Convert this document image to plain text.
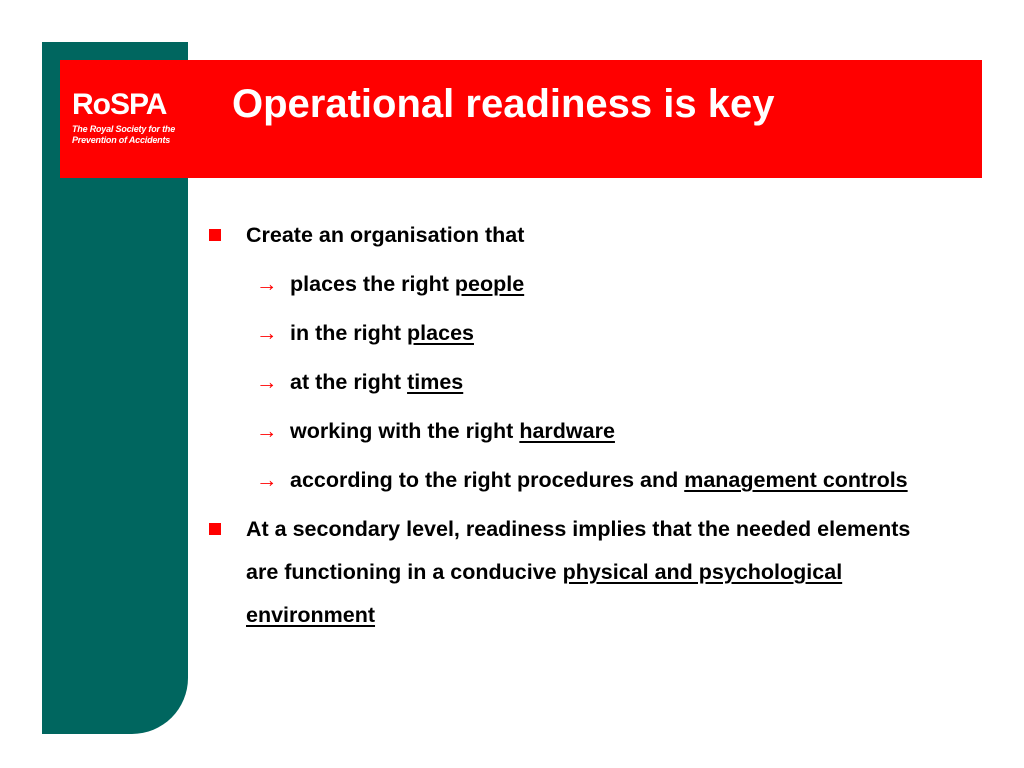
RoSPA
The Royal Society for the
Prevention of Accidents
Operational readiness is key
Create an organisation that
→ places the right people
→ in the right places
→ at the right times
→ working with the right hardware
→ according to the right procedures and management controls
At a secondary level, readiness implies that the needed elements are functioning in a conducive physical and psychological environment
